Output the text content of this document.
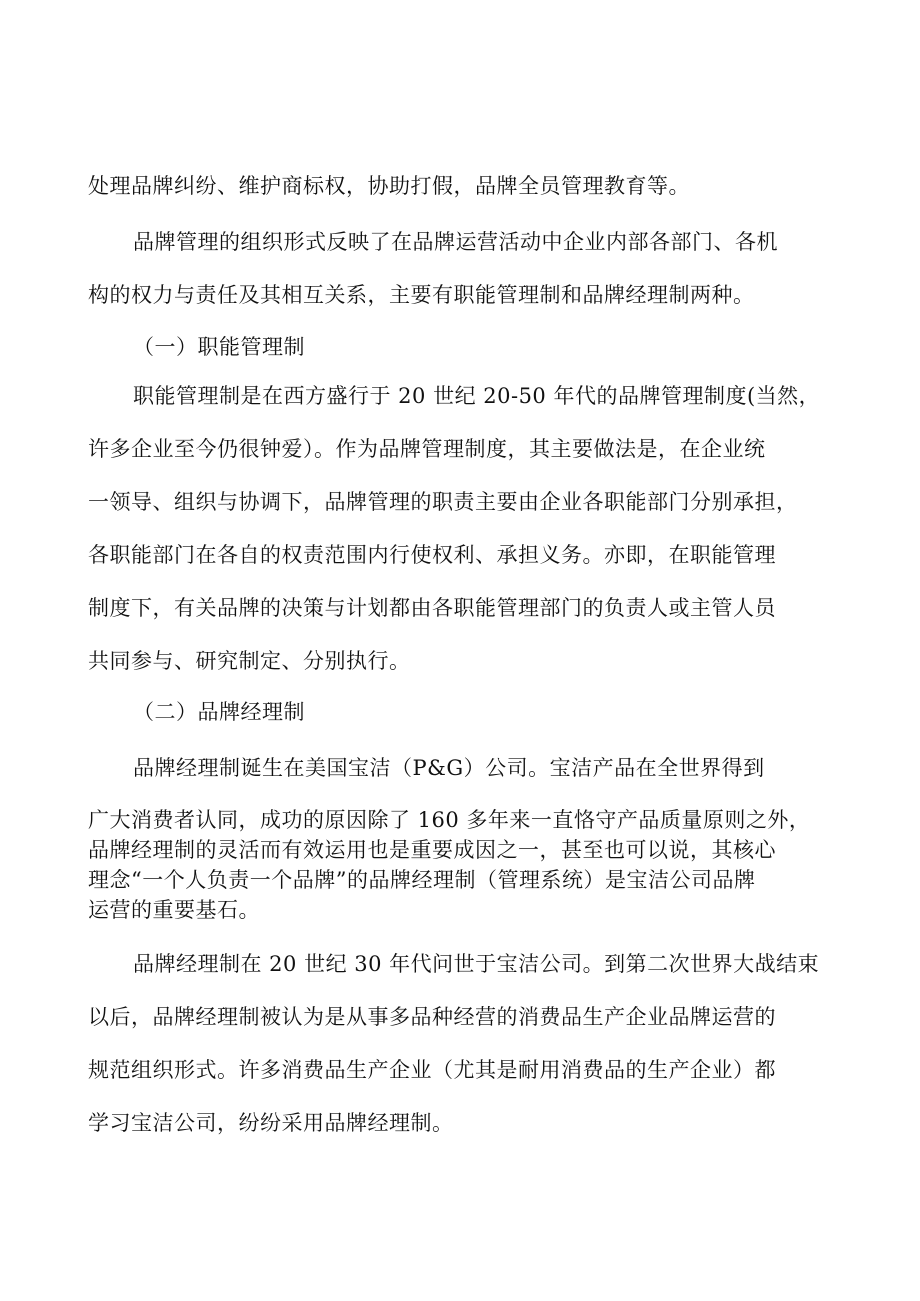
处理品牌纠纷、维护商标权，协助打假，品牌全员管理教育等。

品牌管理的组织形式反映了在品牌运营活动中企业内部各部门、各机

构的权力与责任及其相互关系，主要有职能管理制和品牌经理制两种。

（一）职能管理制

职能管理制是在西方盛行于 20 世纪 20-50 年代的品牌管理制度(当然，

许多企业至今仍很钟爱）。作为品牌管理制度，其主要做法是，在企业统

一领导、组织与协调下，品牌管理的职责主要由企业各职能部门分别承担，

各职能部门在各自的权责范围内行使权利、承担义务。亦即，在职能管理

制度下，有关品牌的决策与计划都由各职能管理部门的负责人或主管人员

共同参与、研究制定、分别执行。

（二）品牌经理制

品牌经理制诞生在美国宝洁（P&G）公司。宝洁产品在全世界得到

广大消费者认同，成功的原因除了 160 多年来一直恪守产品质量原则之外，

品牌经理制的灵活而有效运用也是重要成因之一，甚至也可以说，其核心

理念“一个人负责一个品牌”的品牌经理制（管理系统）是宝洁公司品牌

运营的重要基石。

品牌经理制在 20 世纪 30 年代问世于宝洁公司。到第二次世界大战结束

以后，品牌经理制被认为是从事多品种经营的消费品生产企业品牌运营的

规范组织形式。许多消费品生产企业（尤其是耐用消费品的生产企业）都

学习宝洁公司，纷纷采用品牌经理制。
